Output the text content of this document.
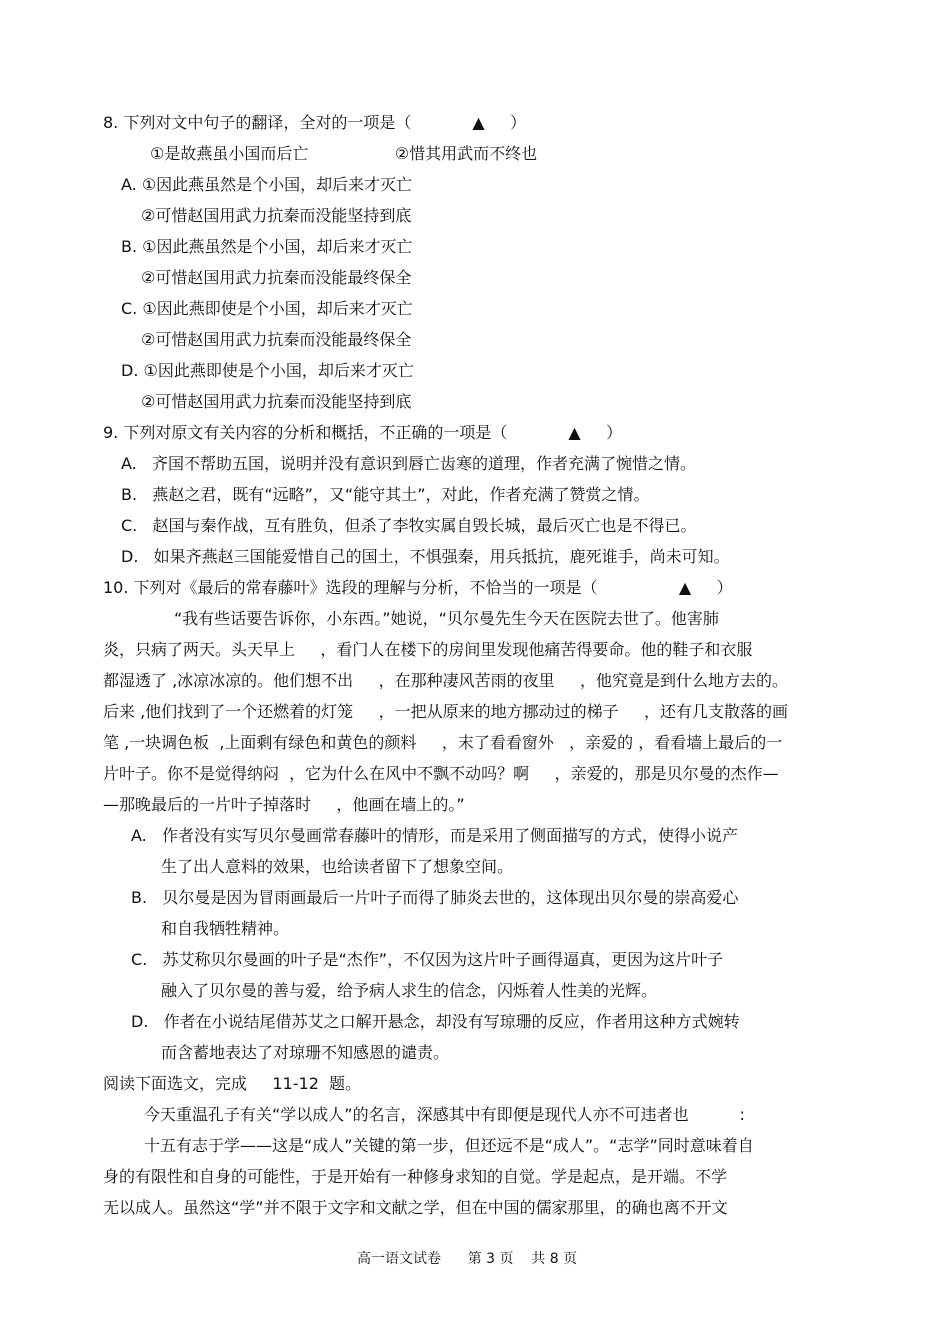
8. 下列对文中句子的翻译，全对的一项是（            ▲     ）
①是故燕虽小国而后亡                 ②惜其用武而不终也
A. ①因此燕虽然是个小国，却后来才灭亡
②可惜赵国用武力抗秦而没能坚持到底
B. ①因此燕虽然是个小国，却后来才灭亡
②可惜赵国用武力抗秦而没能最终保全
C. ①因此燕即使是个小国，却后来才灭亡
②可惜赵国用武力抗秦而没能最终保全
D. ①因此燕即使是个小国，却后来才灭亡
②可惜赵国用武力抗秦而没能坚持到底
9. 下列对原文有关内容的分析和概括，不正确的一项是（            ▲     ）
A.   齐国不帮助五国，说明并没有意识到唇亡齿寒的道理，作者充满了惋惜之情。
B.   燕赵之君，既有“远略”，又“能守其土”，对此，作者充满了赞赏之情。
C.   赵国与秦作战，互有胜负，但杀了李牧实属自毁长城，最后灭亡也是不得已。
D.   如果齐燕赵三国能爱惜自己的国土，不惧强秦，用兵抵抗，鹿死谁手，尚未可知。
10. 下列对《最后的常春藤叶》选段的理解与分析，不恰当的一项是（                ▲     ）
“我有些话要告诉你，小东西。”她说，“贝尔曼先生今天在医院去世了。他害肺
炎，只病了两天。头天早上     ，看门人在楼下的房间里发现他痛苦得要命。他的鞋子和衣服
都湿透了 ,冰凉冰凉的。他们想不出     ，在那种凄风苦雨的夜里     ，他究竟是到什么地方去的。
后来 ,他们找到了一个还燃着的灯笼     ，一把从原来的地方挪动过的梯子     ，还有几支散落的画
笔 ,一块调色板  ,上面剩有绿色和黄色的颜料     ，末了看看窗外   ，亲爱的 ，看看墙上最后的一
片叶子。你不是觉得纳闷  ，它为什么在风中不飘不动吗？啊     ，亲爱的，那是贝尔曼的杰作—
—那晚最后的一片叶子掉落时     ，他画在墙上的。”
A.   作者没有实写贝尔曼画常春藤叶的情形，而是采用了侧面描写的方式，使得小说产
生了出人意料的效果，也给读者留下了想象空间。
B.   贝尔曼是因为冒雨画最后一片叶子而得了肺炎去世的，这体现出贝尔曼的崇高爱心
和自我牺牲精神。
C.   苏艾称贝尔曼画的叶子是“杰作”，不仅因为这片叶子画得逼真，更因为这片叶子
融入了贝尔曼的善与爱，给予病人求生的信念，闪烁着人性美的光辉。
D.   作者在小说结尾借苏艾之口解开悬念，却没有写琼珊的反应，作者用这种方式婉转
而含蓄地表达了对琼珊不知感恩的谴责。
阅读下面选文，完成     11-12  题。
今天重温孔子有关“学以成人”的名言，深感其中有即便是现代人亦不可违者也          :
十五有志于学——这是“成人”关键的第一步，但还远不是“成人”。“志学”同时意味着自
身的有限性和自身的可能性，于是开始有一种修身求知的自觉。学是起点，是开端。不学
无以成人。虽然这“学”并不限于文字和文献之学，但在中国的儒家那里，的确也离不开文
高一语文试卷      第 3 页    共 8 页
